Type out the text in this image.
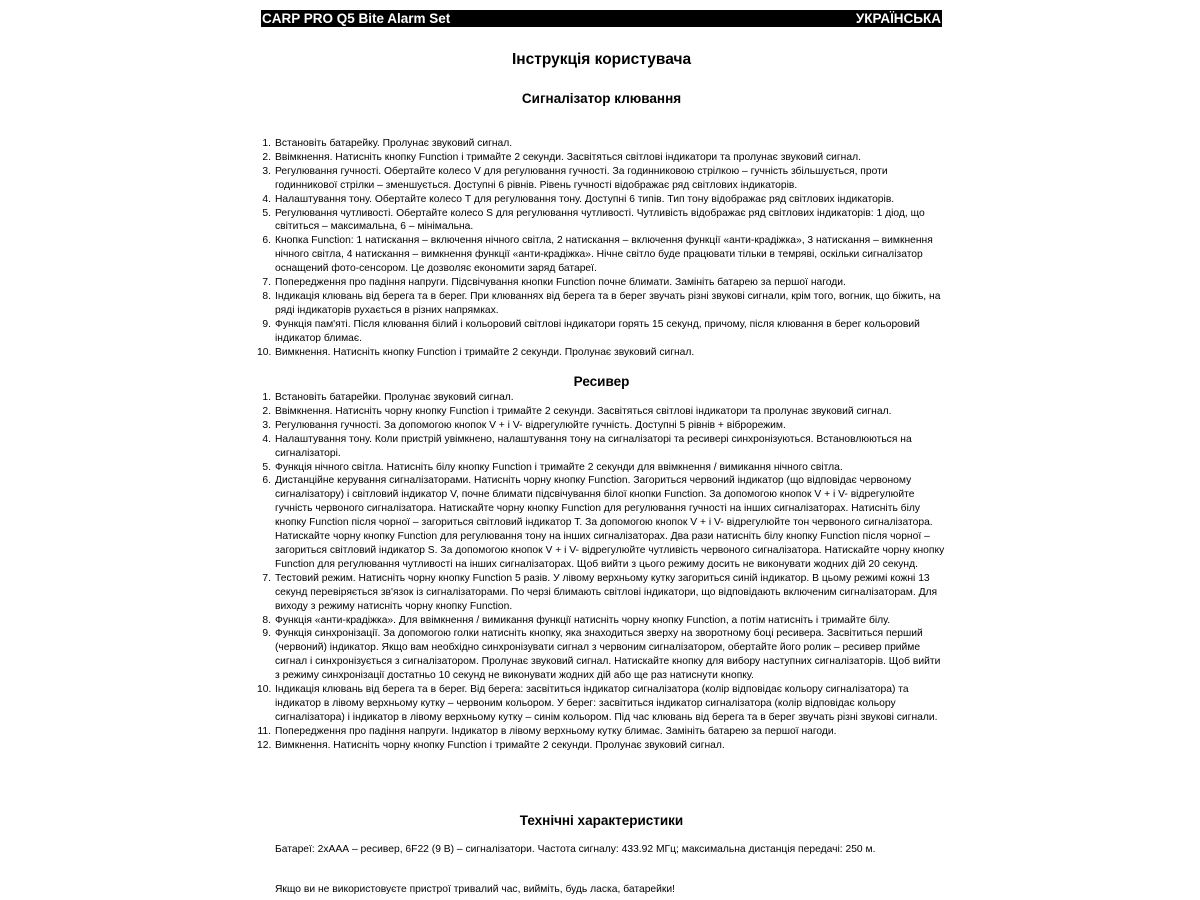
CARP PRO Q5 Bite Alarm Set	УКРАЇНСЬКА
Інструкція користувача
Сигналізатор клювання
1. Встановіть батарейку. Пролунає звуковий сигнал.
2. Ввімкнення. Натисніть кнопку Function і тримайте 2 секунди. Засвітяться світлові індикатори та пролунає звуковий сигнал.
3. Регулювання гучності. Обертайте колесо V для регулювання гучності. За годинниковою стрілкою – гучність збільшується, проти годинникової стрілки – зменшується. Доступні 6 рівнів. Рівень гучності відображає ряд світлових індикаторів.
4. Налаштування тону. Обертайте колесо T для регулювання тону. Доступні 6 типів. Тип тону відображає ряд світлових індикаторів.
5. Регулювання чутливості. Обертайте колесо S для регулювання чутливості. Чутливість відображає ряд світлових індикаторів: 1 діод, що світиться – максимальна, 6 – мінімальна.
6. Кнопка Function: 1 натискання – включення нічного світла, 2 натискання – включення функції «анти-крадіжка», 3 натискання – вимкнення нічного світла, 4 натискання – вимкнення функції «анти-крадіжка». Нічне світло буде працювати тільки в темряві, оскільки сигналізатор оснащений фото-сенсором. Це дозволяє економити заряд батареї.
7. Попередження про падіння напруги. Підсвічування кнопки Function почне блимати. Замініть батарею за першої нагоди.
8. Індикація клювань від берега та в берег. При клюваннях від берега та в берег звучать різні звукові сигнали, крім того, вогник, що біжить, на ряді індикаторів рухається в різних напрямках.
9. Функція пам'яті. Після клювання білий і кольоровий світлові індикатори горять 15 секунд, причому, після клювання в берег кольоровий індикатор блимає.
10. Вимкнення. Натисніть кнопку Function і тримайте 2 секунди. Пролунає звуковий сигнал.
Ресивер
1. Встановіть батарейки. Пролунає звуковий сигнал.
2. Ввімкнення. Натисніть чорну кнопку Function і тримайте 2 секунди. Засвітяться світлові індикатори та пролунає звуковий сигнал.
3. Регулювання гучності. За допомогою кнопок V + і V- відрегулюйте гучність. Доступні 5 рівнів + віброрежим.
4. Налаштування тону. Коли пристрій увімкнено, налаштування тону на сигналізаторі та ресивері синхронізуються. Встановлюються на сигналізаторі.
5. Функція нічного світла. Натисніть білу кнопку Function і тримайте 2 секунди для ввімкнення / вимикання нічного світла.
6. Дистанційне керування сигналізаторами. Натисніть чорну кнопку Function. Загориться червоний індикатор (що відповідає червоному сигналізатору) і світловий індикатор V, почне блимати підсвічування білої кнопки Function. За допомогою кнопок V + і V- відрегулюйте гучність червоного сигналізатора. Натискайте чорну кнопку Function для регулювання гучності на інших сигналізаторах. Натисніть білу кнопку Function після чорної – загориться світловий індикатор T. За допомогою кнопок V + і V- відрегулюйте тон червоного сигналізатора. Натискайте чорну кнопку Function для регулювання тону на інших сигналізаторах. Два рази натисніть білу кнопку Function після чорної – загориться світловий індикатор S. За допомогою кнопок V + і V- відрегулюйте чутливість червоного сигналізатора. Натискайте чорну кнопку Function для регулювання чутливості на інших сигналізаторах. Щоб вийти з цього режиму досить не виконувати жодних дій 20 секунд.
7. Тестовий режим. Натисніть чорну кнопку Function 5 разів. У лівому верхньому кутку загориться синій індикатор. В цьому режимі кожні 13 секунд перевіряється зв'язок із сигналізаторами. По черзі блимають світлові індикатори, що відповідають включеним сигналізаторам. Для виходу з режиму натисніть чорну кнопку Function.
8. Функція «анти-крадіжка». Для ввімкнення / вимикання функції натисніть чорну кнопку Function, а потім натисніть і тримайте білу.
9. Функція синхронізації. За допомогою голки натисніть кнопку, яка знаходиться зверху на зворотному боці ресивера. Засвітиться перший (червоний) індикатор. Якщо вам необхідно синхронізувати сигнал з червоним сигналізатором, обертайте його ролик – ресивер прийме сигнал і синхронізується з сигналізатором. Пролунає звуковий сигнал. Натискайте кнопку для вибору наступних сигналізаторів. Щоб вийти з режиму синхронізації достатньо 10 секунд не виконувати жодних дій або ще раз натиснути кнопку.
10. Індикація клювань від берега та в берег. Від берега: засвітиться індикатор сигналізатора (колір відповідає кольору сигналізатора) та індикатор в лівому верхньому кутку – червоним кольором. У берег: засвітиться індикатор сигналізатора (колір відповідає кольору сигналізатора) і індикатор в лівому верхньому кутку – синім кольором. Під час клювань від берега та в берег звучать різні звукові сигнали.
11. Попередження про падіння напруги. Індикатор в лівому верхньому кутку блимає. Замініть батарею за першої нагоди.
12. Вимкнення. Натисніть чорну кнопку Function і тримайте 2 секунди. Пролунає звуковий сигнал.
Технічні характеристики
Батареї: 2хААА – ресивер, 6F22 (9 В) – сигналізатори. Частота сигналу: 433.92 МГц; максимальна дистанція передачі: 250 м.
Якщо ви не використовуєте пристрої тривалий час, вийміть, будь ласка, батарейки!
